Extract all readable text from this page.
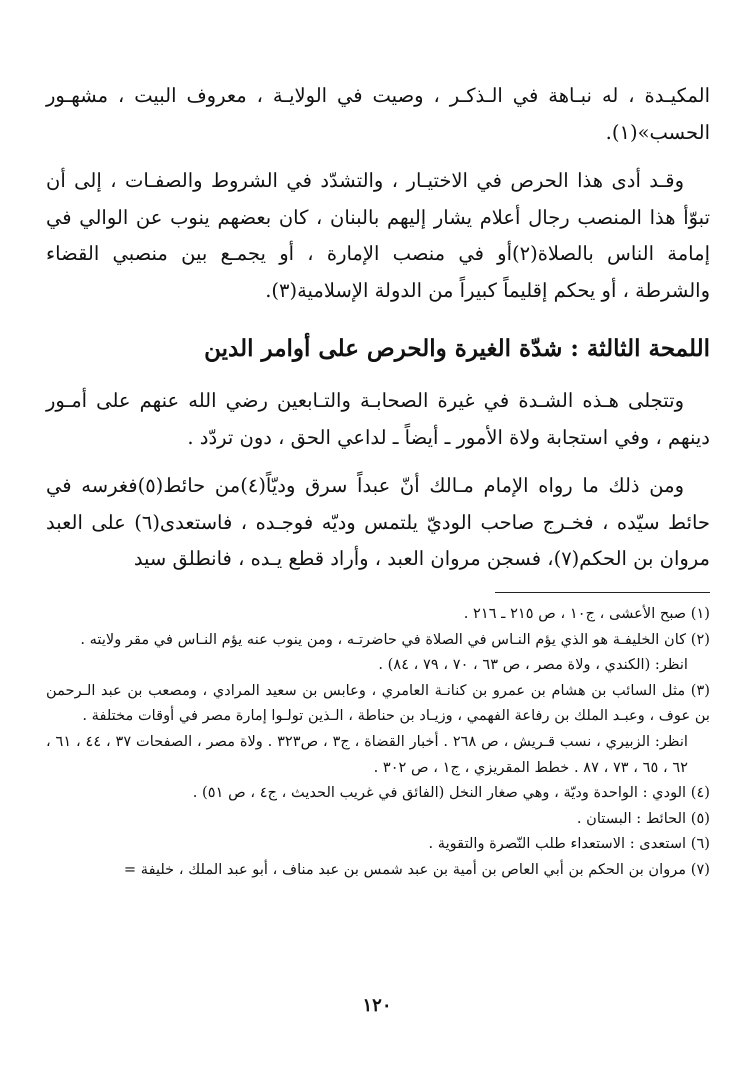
المكيـدة ، له نبـاهة في الـذكـر ، وصيت في الولايـة ، معروف البيت ، مشهـور الحسب»(١).

وقـد أدى هذا الحرص في الاختيـار ، والتشدّد في الشروط والصفـات ، إلى أن تبوّأ هذا المنصب رجال أعلام يشار إليهم بالبنان ، كان بعضهم ينوب عن الوالي في إمامة الناس بالصلاة(٢)أو في منصب الإمارة ، أو يجمـع بين منصبي القضاء والشرطة ، أو يحكم إقليماً كبيراً من الدولة الإسلامية(٣).

اللمحة الثالثة : شدّة الغيرة والحرص على أوامر الدين

وتتجلى هـذه الشـدة في غيرة الصحابـة والتـابعين رضي الله عنهم على أمـور دينهم ، وفي استجابة ولاة الأمور ـ أيضاً ـ لداعي الحق ، دون تردّد .

ومن ذلك ما رواه الإمام مـالك أنّ عبداً سرق وديّاً(٤)من حائط(٥)فغرسه في حائط سيّده ، فخـرج صاحب الوديّ يلتمس وديّه فوجـده ، فاستعدى(٦) على العبد مروان بن الحكم(٧)، فسجن مروان العبد ، وأراد قطع يـده ، فانطلق سيد

(١) صبح الأعشى ، ج١٠ ، ص ٢١٥ ـ ٢١٦ .

(٢) كان الخليفـة هو الذي يؤم النـاس في الصلاة في حاضرتـه ، ومن ينوب عنه يؤم النـاس في مقر ولايته .

انظر: (الكندي ، ولاة مصر ، ص ٦٣ ، ٧٠ ، ٧٩ ، ٨٤) .

(٣) مثل السائب بن هشام بن عمرو بن كنانـة العامري ، وعابس بن سعيد المرادي ، ومصعب بن عبد الـرحمن بن عوف ، وعبـد الملك بن رفاعة الفهمي ، وزيـاد بن حناطة ، الـذين تولـوا إمارة مصر في أوقات مختلفة .

انظر: الزبيري ، نسب قـريش ، ص ٢٦٨ . أخبار القضاة ، ج٣ ، ص٣٢٣ . ولاة مصر ، الصفحات ٣٧ ، ٤٤ ، ٦١ ، ٦٢ ، ٦٥ ، ٧٣ ، ٨٧ . خطط المقريزي ، ج١ ، ص ٣٠٢ .

(٤) الودي : الواحدة وديّة ، وهي صغار النخل (الفائق في غريب الحديث ، ج٤ ، ص ٥١) .

(٥) الحائط : البستان .

(٦) استعدى : الاستعداء طلب النّصرة والتقوية .

(٧) مروان بن الحكم بن أبي العاص بن أمية بن عبد شمس بن عبد مناف ، أبو عبد الملك ، خليفة =

١٢٠
